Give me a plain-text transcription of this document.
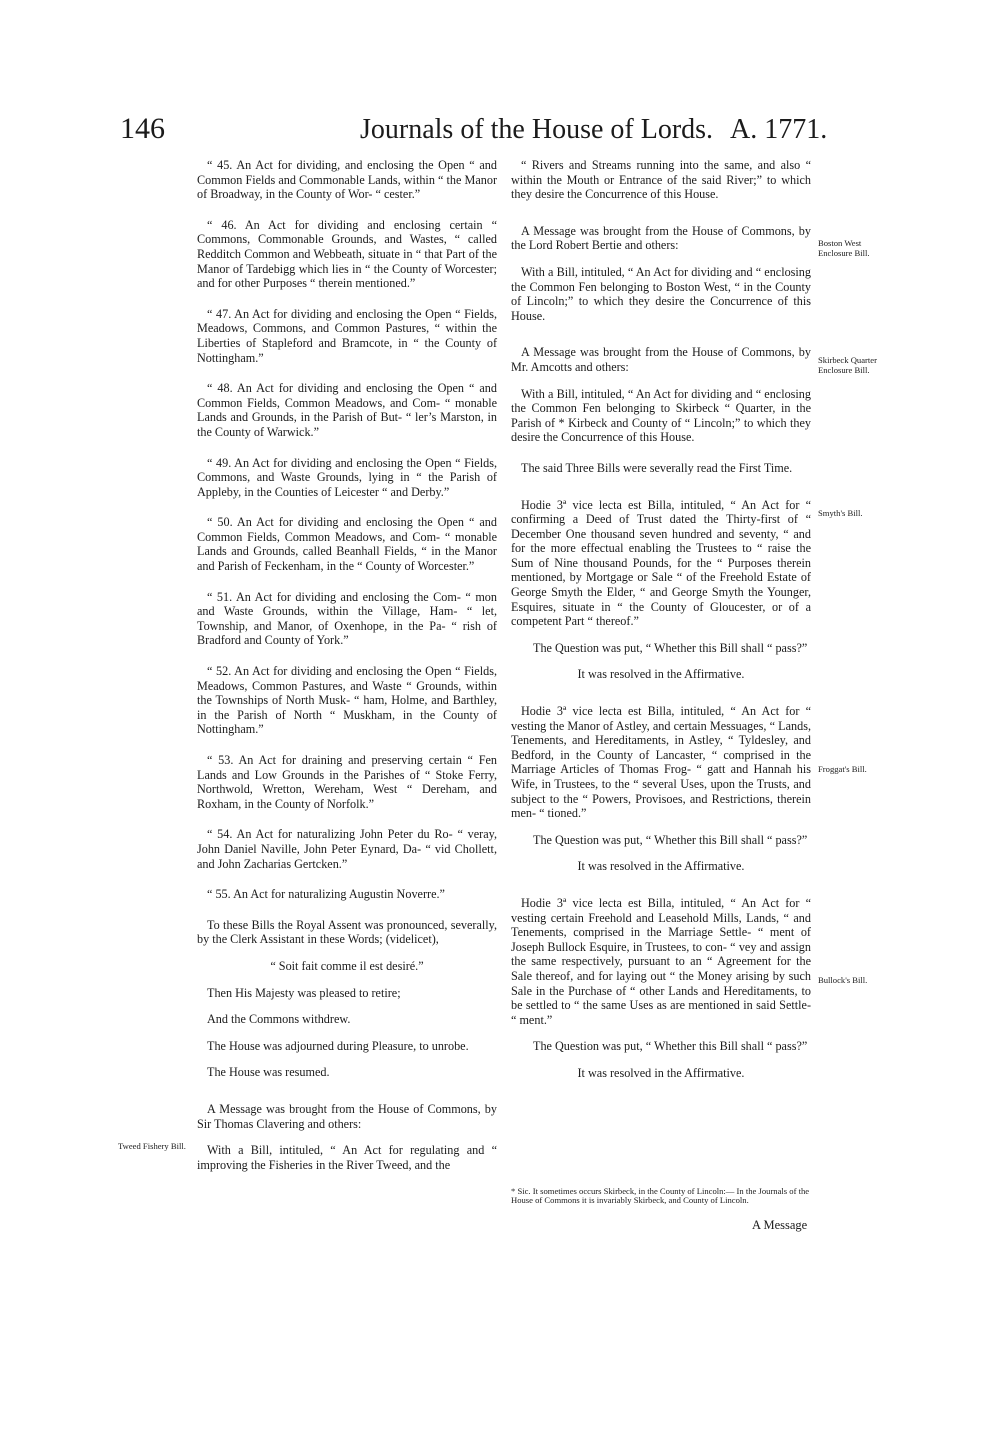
146	Journals of the House of Lords. A. 1771.

“ 45. An Act for dividing, and enclosing the Open “ and Common Fields and Commonable Lands, within “ the Manor of Broadway, in the County of Wor- “ cester.”

“ 46. An Act for dividing and enclosing certain “ Commons, Commonable Grounds, and Wastes, “ called Redditch Common and Webbeath, situate in “ that Part of the Manor of Tardebigg which lies in “ the County of Worcester; and for other Purposes “ therein mentioned.”

“ 47. An Act for dividing and enclosing the Open “ Fields, Meadows, Commons, and Common Pastures, “ within the Liberties of Stapleford and Bramcote, in “ the County of Nottingham.”

“ 48. An Act for dividing and enclosing the Open “ and Common Fields, Common Meadows, and Com- “ monable Lands and Grounds, in the Parish of But- “ ler’s Marston, in the County of Warwick.”

“ 49. An Act for dividing and enclosing the Open “ Fields, Commons, and Waste Grounds, lying in “ the Parish of Appleby, in the Counties of Leicester “ and Derby.”

“ 50. An Act for dividing and enclosing the Open “ and Common Fields, Common Meadows, and Com- “ monable Lands and Grounds, called Beanhall Fields, “ in the Manor and Parish of Feckenham, in the “ County of Worcester.”

“ 51. An Act for dividing and enclosing the Com- “ mon and Waste Grounds, within the Village, Ham- “ let, Township, and Manor, of Oxenhope, in the Pa- “ rish of Bradford and County of York.”

“ 52. An Act for dividing and enclosing the Open “ Fields, Meadows, Common Pastures, and Waste “ Grounds, within the Townships of North Musk- “ ham, Holme, and Barthley, in the Parish of North “ Muskham, in the County of Nottingham.”

“ 53. An Act for draining and preserving certain “ Fen Lands and Low Grounds in the Parishes of “ Stoke Ferry, Northwold, Wretton, Wereham, West “ Dereham, and Roxham, in the County of Norfolk.”

“ 54. An Act for naturalizing John Peter du Ro- “ veray, John Daniel Naville, John Peter Eynard, Da- “ vid Chollett, and John Zacharias Gertcken.”

“ 55. An Act for naturalizing Augustin Noverre.”

To these Bills the Royal Assent was pronounced, severally, by the Clerk Assistant in these Words; (videlicet),

“ Soit fait comme il est desiré.”

Then His Majesty was pleased to retire;

And the Commons withdrew.

The House was adjourned during Pleasure, to unrobe.

The House was resumed.

A Message was brought from the House of Commons, by Sir Thomas Clavering and others:

With a Bill, intituled, “ An Act for regulating and “ improving the Fisheries in the River Tweed, and the

“ Rivers and Streams running into the same, and also “ within the Mouth or Entrance of the said River;” to which they desire the Concurrence of this House.

A Message was brought from the House of Commons, by the Lord Robert Bertie and others:

With a Bill, intituled, “ An Act for dividing and “ enclosing the Common Fen belonging to Boston West, “ in the County of Lincoln;” to which they desire the Concurrence of this House.

A Message was brought from the House of Commons, by Mr. Amcotts and others:

With a Bill, intituled, “ An Act for dividing and “ enclosing the Common Fen belonging to Skirbeck “ Quarter, in the Parish of * Kirbeck and County of “ Lincoln;” to which they desire the Concurrence of this House.

The said Three Bills were severally read the First Time.

Hodie 3ª vice lecta est Billa, intituled, “ An Act for “ confirming a Deed of Trust dated the Thirty-first of “ December One thousand seven hundred and seventy, “ and for the more effectual enabling the Trustees to “ raise the Sum of Nine thousand Pounds, for the “ Purposes therein mentioned, by Mortgage or Sale “ of the Freehold Estate of George Smyth the Elder, “ and George Smyth the Younger, Esquires, situate in “ the County of Gloucester, or of a competent Part “ thereof.”

The Question was put, “ Whether this Bill shall “ pass?”

It was resolved in the Affirmative.

Hodie 3ª vice lecta est Billa, intituled, “ An Act for “ vesting the Manor of Astley, and certain Messuages, “ Lands, Tenements, and Hereditaments, in Astley, “ Tyldesley, and Bedford, in the County of Lancaster, “ comprised in the Marriage Articles of Thomas Frog- “ gatt and Hannah his Wife, in Trustees, to the “ several Uses, upon the Trusts, and subject to the “ Powers, Provisoes, and Restrictions, therein men- “ tioned.”

The Question was put, “ Whether this Bill shall “ pass?”

It was resolved in the Affirmative.

Hodie 3ª vice lecta est Billa, intituled, “ An Act for “ vesting certain Freehold and Leasehold Mills, Lands, “ and Tenements, comprised in the Marriage Settle- “ ment of Joseph Bullock Esquire, in Trustees, to con- “ vey and assign the same respectively, pursuant to an “ Agreement for the Sale thereof, and for laying out “ the Money arising by such Sale in the Purchase of “ other Lands and Hereditaments, to be settled to “ the same Uses as are mentioned in said Settle- “ ment.”

The Question was put, “ Whether this Bill shall “ pass?”

It was resolved in the Affirmative.

Tweed Fishery Bill.
Boston West Enclosure Bill.
Skirbeck Quarter Enclosure Bill.
Smyth's Bill.
Froggat's Bill.
Bullock's Bill.
* Sic. It sometimes occurs Skirbeck, in the County of Lincoln:— In the Journals of the House of Commons it is invariably Skirbeck, and County of Lincoln.
A Message
